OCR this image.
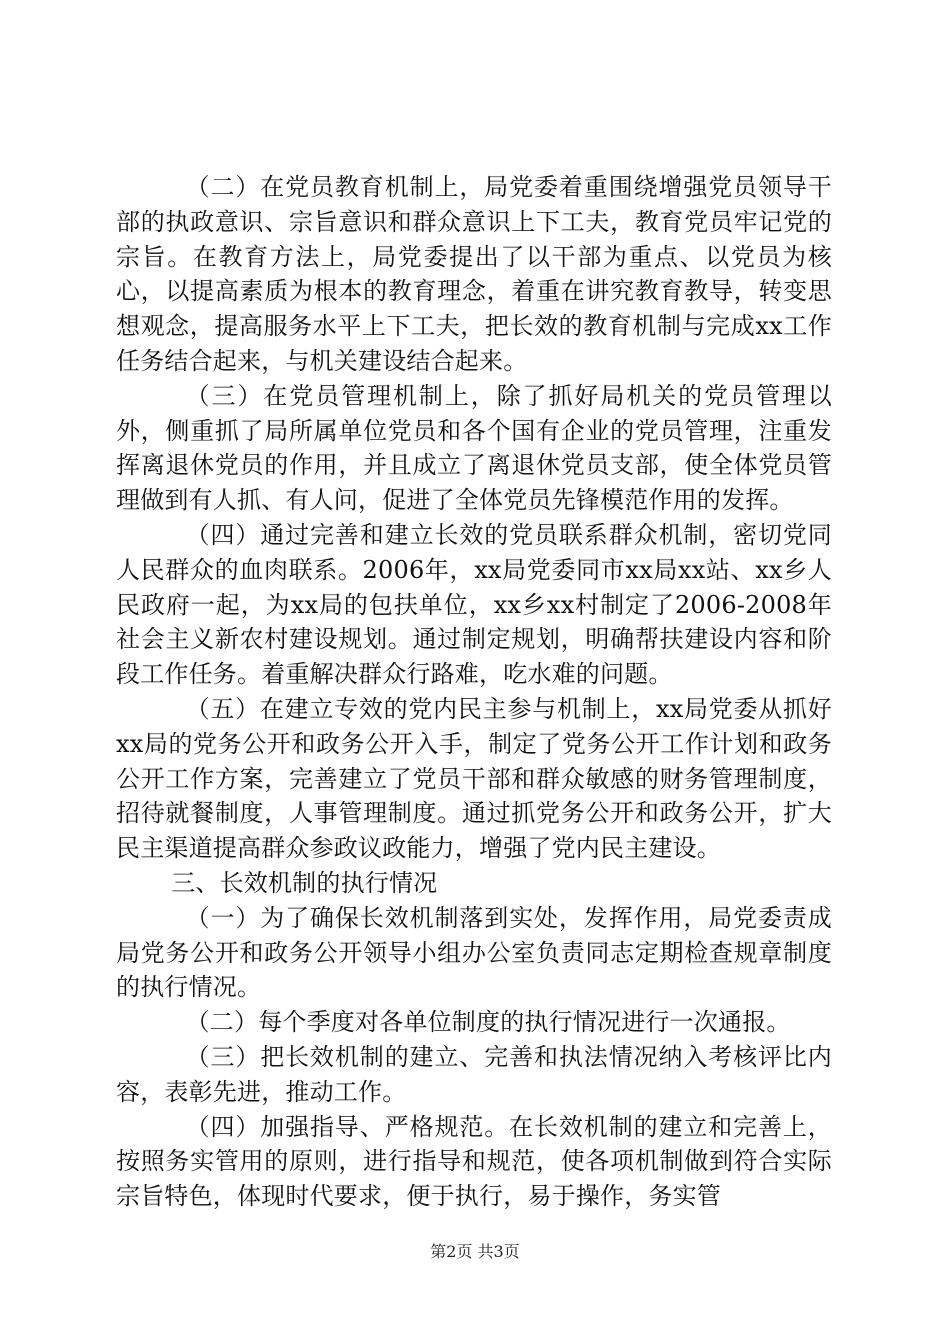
（二）在党员教育机制上，局党委着重围绕增强党员领导干部的执政意识、宗旨意识和群众意识上下工夫，教育党员牢记党的宗旨。在教育方法上，局党委提出了以干部为重点、以党员为核心，以提高素质为根本的教育理念，着重在讲究教育教导，转变思想观念，提高服务水平上下工夫，把长效的教育机制与完成xx工作任务结合起来，与机关建设结合起来。

（三）在党员管理机制上，除了抓好局机关的党员管理以外，侧重抓了局所属单位党员和各个国有企业的党员管理，注重发挥离退休党员的作用，并且成立了离退休党员支部，使全体党员管理做到有人抓、有人问，促进了全体党员先锋模范作用的发挥。

（四）通过完善和建立长效的党员联系群众机制，密切党同人民群众的血肉联系。2006年，xx局党委同市xx局xx站、xx乡人民政府一起，为xx局的包扶单位，xx乡xx村制定了2006-2008年社会主义新农村建设规划。通过制定规划，明确帮扶建设内容和阶段工作任务。着重解决群众行路难，吃水难的问题。

（五）在建立专效的党内民主参与机制上，xx局党委从抓好xx局的党务公开和政务公开入手，制定了党务公开工作计划和政务公开工作方案，完善建立了党员干部和群众敏感的财务管理制度，招待就餐制度，人事管理制度。通过抓党务公开和政务公开，扩大民主渠道提高群众参政议政能力，增强了党内民主建设。

三、长效机制的执行情况

（一）为了确保长效机制落到实处，发挥作用，局党委责成局党务公开和政务公开领导小组办公室负责同志定期检查规章制度的执行情况。

（二）每个季度对各单位制度的执行情况进行一次通报。

（三）把长效机制的建立、完善和执法情况纳入考核评比内容，表彰先进，推动工作。

（四）加强指导、严格规范。在长效机制的建立和完善上，按照务实管用的原则，进行指导和规范，使各项机制做到符合实际宗旨特色，体现时代要求，便于执行，易于操作，务实管

第2页 共3页
